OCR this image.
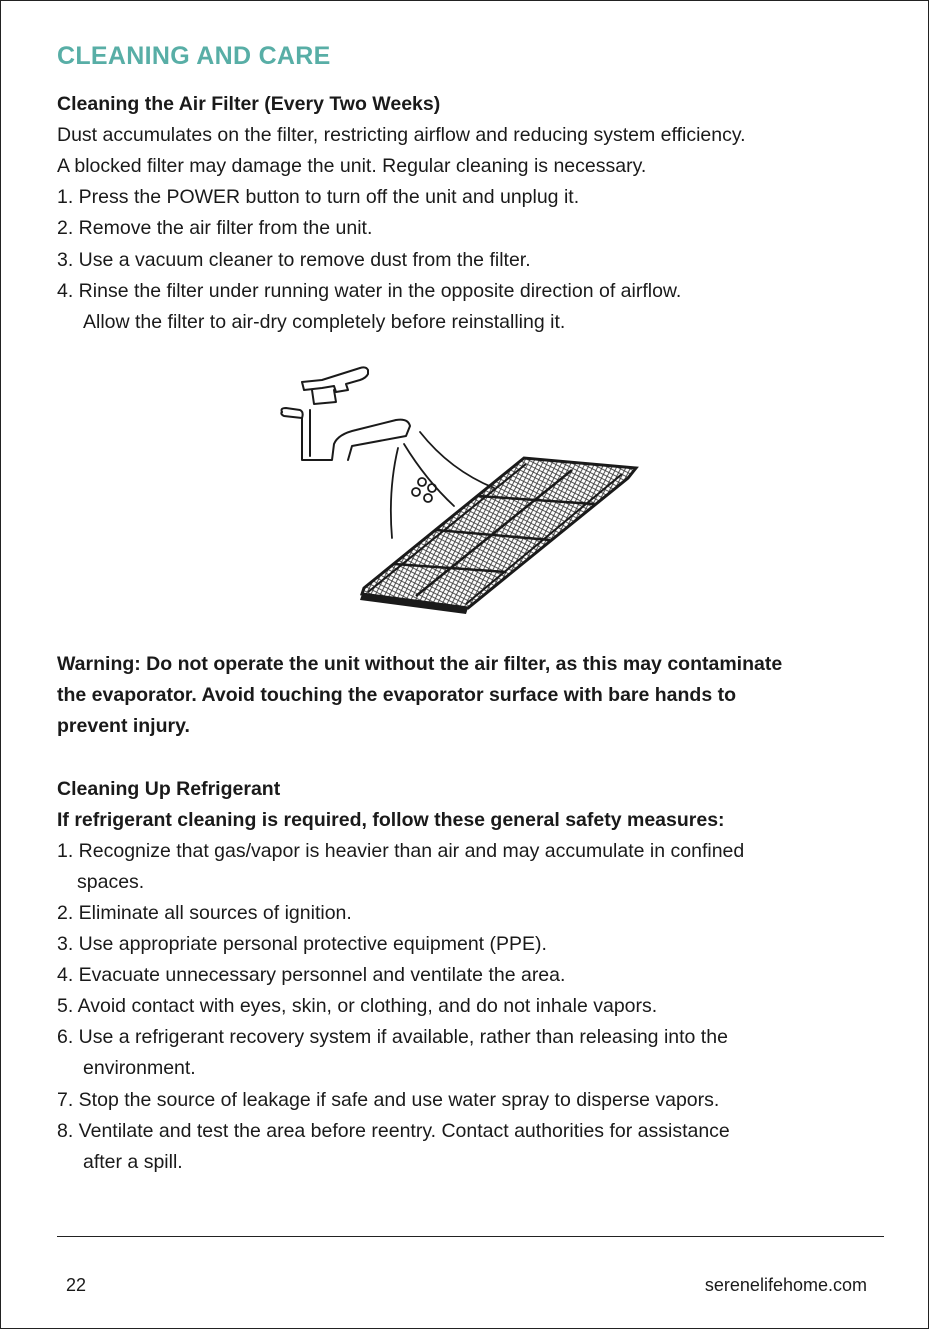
CLEANING AND CARE
Cleaning the Air Filter (Every Two Weeks)
Dust accumulates on the filter, restricting airflow and reducing system efficiency.
A blocked filter may damage the unit. Regular cleaning is necessary.
1. Press the POWER button to turn off the unit and unplug it.
2. Remove the air filter from the unit.
3. Use a vacuum cleaner to remove dust from the filter.
4. Rinse the filter under running water in the opposite direction of airflow.
Allow the filter to air-dry completely before reinstalling it.
Warning: Do not operate the unit without the air filter, as this may contaminate
the evaporator. Avoid touching the evaporator surface with bare hands to
prevent injury.
Cleaning Up Refrigerant
If refrigerant cleaning is required, follow these general safety measures:
1. Recognize that gas/vapor is heavier than air and may accumulate in confined
spaces.
2. Eliminate all sources of ignition.
3. Use appropriate personal protective equipment (PPE).
4. Evacuate unnecessary personnel and ventilate the area.
5. Avoid contact with eyes, skin, or clothing, and do not inhale vapors.
6. Use a refrigerant recovery system if available, rather than releasing into the
environment.
7. Stop the source of leakage if safe and use water spray to disperse vapors.
8. Ventilate and test the area before reentry. Contact authorities for assistance
after a spill.
22	serenelifehome.com
